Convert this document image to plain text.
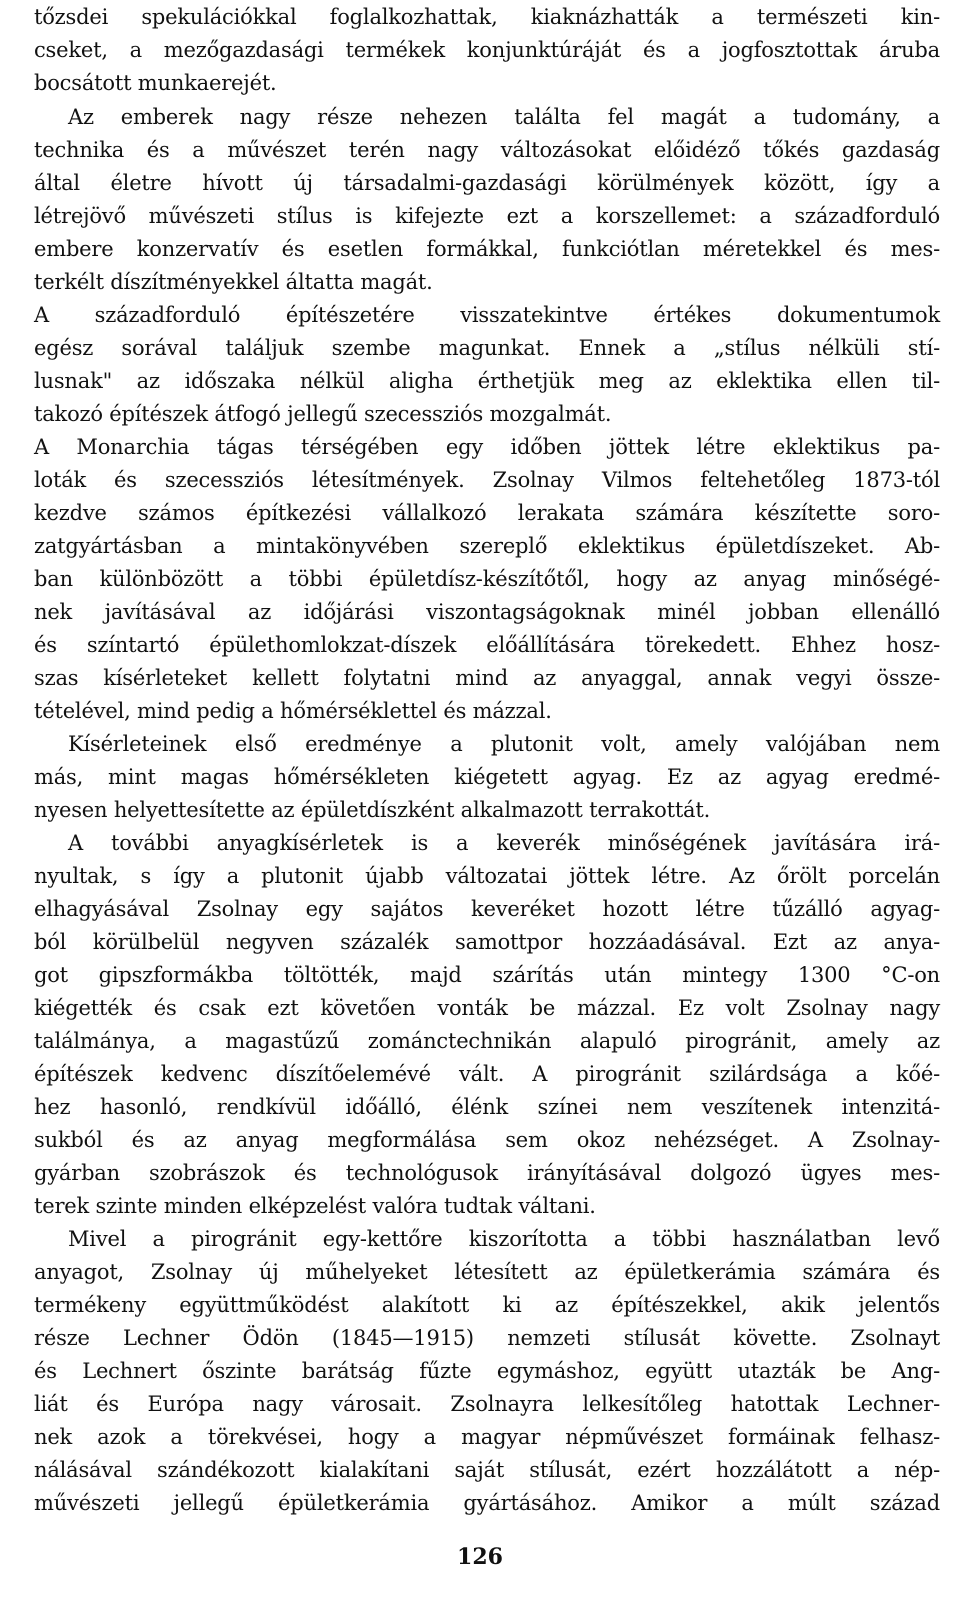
tőzsdei spekulációkkal foglalkozhattak, kiaknázhatták a természeti kin-
cseket, a mezőgazdasági termékek konjunktúráját és a jogfosztottak áruba
bocsátott munkaerejét.
Az emberek nagy része nehezen találta fel magát a tudomány, a
technika és a művészet terén nagy változásokat előidéző tőkés gazdaság
által életre hívott új társadalmi-gazdasági körülmények között, így a
létrejövő művészeti stílus is kifejezte ezt a korszellemet: a századforduló
embere konzervatív és esetlen formákkal, funkciótlan méretekkel és mes-
terkélt díszítményekkel áltatta magát.
A századforduló építészetére visszatekintve értékes dokumentumok
egész sorával találjuk szembe magunkat. Ennek a „stílus nélküli stí-
lusnak" az időszaka nélkül aligha érthetjük meg az eklektika ellen til-
takozó építészek átfogó jellegű szecessziós mozgalmát.
A Monarchia tágas térségében egy időben jöttek létre eklektikus pa-
loták és szecessziós létesítmények. Zsolnay Vilmos feltehetőleg 1873-tól
kezdve számos építkezési vállalkozó lerakata számára készítette soro-
zatgyártásban a mintakönyvében szereplő eklektikus épületdíszeket. Ab-
ban különbözött a többi épületdísz-készítőtől, hogy az anyag minőségé-
nek javításával az időjárási viszontagságoknak minél jobban ellenálló
és színtartó épülethomlokzat-díszek előállítására törekedett. Ehhez hosz-
szas kísérleteket kellett folytatni mind az anyaggal, annak vegyi össze-
tételével, mind pedig a hőmérséklettel és mázzal.
Kísérleteinek első eredménye a plutonit volt, amely valójában nem
más, mint magas hőmérsékleten kiégetett agyag. Ez az agyag eredmé-
nyesen helyettesítette az épületdíszként alkalmazott terrakottát.
A további anyagkísérletek is a keverék minőségének javítására irá-
nyultak, s így a plutonit újabb változatai jöttek létre. Az őrölt porcelán
elhagyásával Zsolnay egy sajátos keveréket hozott létre tűzálló agyag-
ból körülbelül negyven százalék samottpor hozzáadásával. Ezt az anya-
got gipszformákba töltötték, majd szárítás után mintegy 1300 °C-on
kiégették és csak ezt követően vonták be mázzal. Ez volt Zsolnay nagy
találmánya, a magastűzű zománctechnikán alapuló pirogránit, amely az
építészek kedvenc díszítőelemévé vált. A pirogránit szilárdsága a kőé-
hez hasonló, rendkívül időálló, élénk színei nem veszítenek intenzitá-
sukból és az anyag megformálása sem okoz nehézséget. A Zsolnay-
gyárban szobrászok és technológusok irányításával dolgozó ügyes mes-
terek szinte minden elképzelést valóra tudtak váltani.
Mivel a pirogránit egy-kettőre kiszorította a többi használatban levő
anyagot, Zsolnay új műhelyeket létesített az épületkerámia számára és
termékeny együttműködést alakított ki az építészekkel, akik jelentős
része Lechner Ödön (1845—1915) nemzeti stílusát követte. Zsolnayt
és Lechnert őszinte barátság fűzte egymáshoz, együtt utazták be Ang-
liát és Európa nagy városait. Zsolnayra lelkesítőleg hatottak Lechner-
nek azok a törekvései, hogy a magyar népművészet formáinak felhasz-
nálásával szándékozott kialakítani saját stílusát, ezért hozzálátott a nép-
művészeti jellegű épületkerámia gyártásához. Amikor a múlt század
126
